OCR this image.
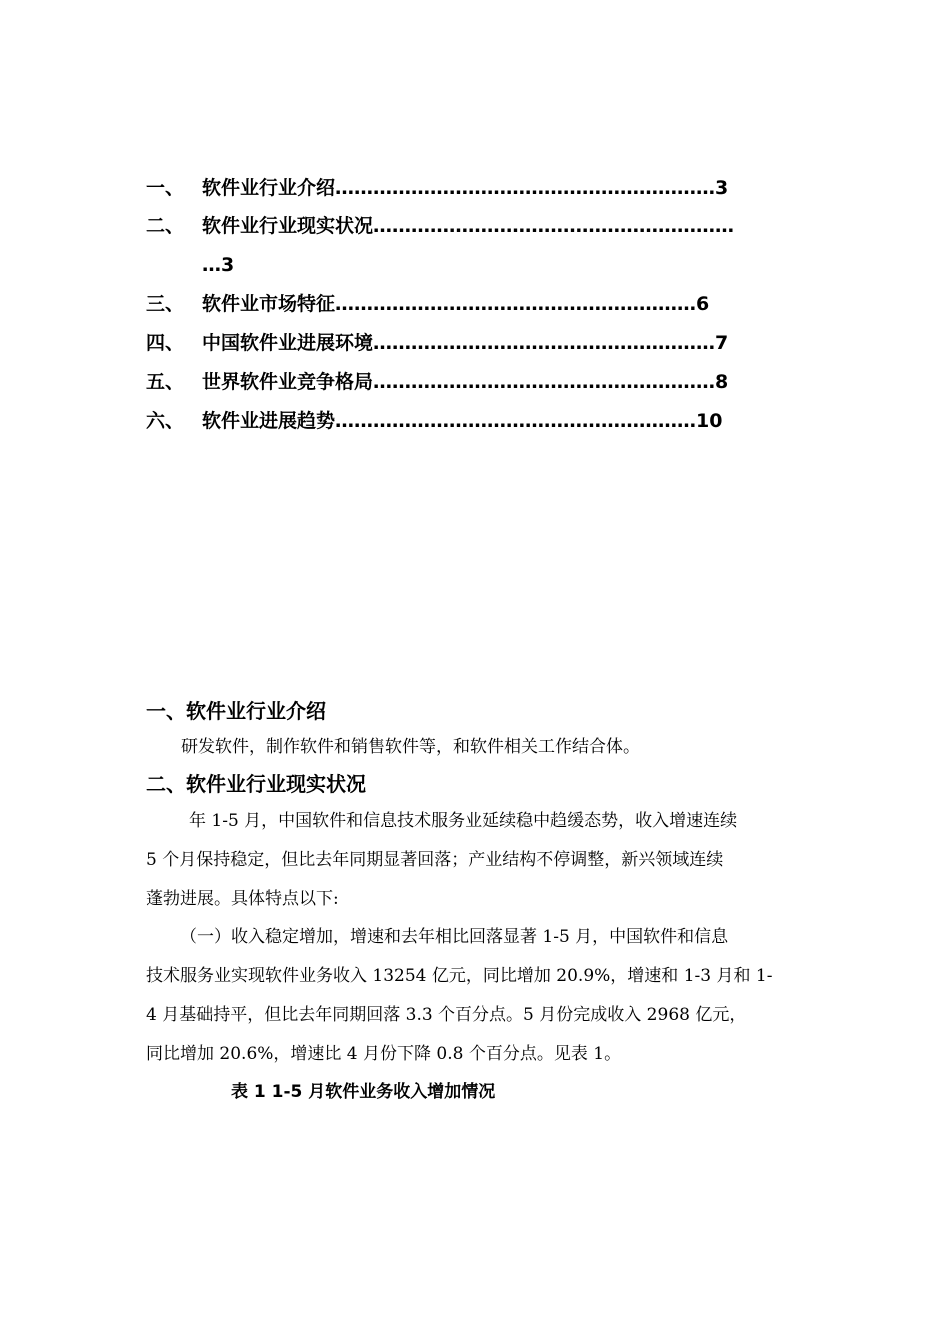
一、 软件业行业介绍……………………………………………………3
二、 软件业行业现实状况…………………………………………………
…3
三、 软件业市场特征…………………………………………………6
四、 中国软件业进展环境………………………………………………7
五、 世界软件业竞争格局………………………………………………8
六、 软件业进展趋势…………………………………………………10
一、软件业行业介绍
研发软件，制作软件和销售软件等，和软件相关工作结合体。
二、软件业行业现实状况
年 1-5 月，中国软件和信息技术服务业延续稳中趋缓态势，收入增速连续
5 个月保持稳定，但比去年同期显著回落；产业结构不停调整，新兴领域连续
蓬勃进展。具体特点以下:
（一）收入稳定增加，增速和去年相比回落显著 1-5 月，中国软件和信息
技术服务业实现软件业务收入 13254 亿元，同比增加 20.9%，增速和 1-3 月和 1-
4 月基础持平，但比去年同期回落 3.3 个百分点。5 月份完成收入 2968 亿元，
同比增加 20.6%，增速比 4 月份下降 0.8 个百分点。见表 1。
表 1 1-5 月软件业务收入增加情况
